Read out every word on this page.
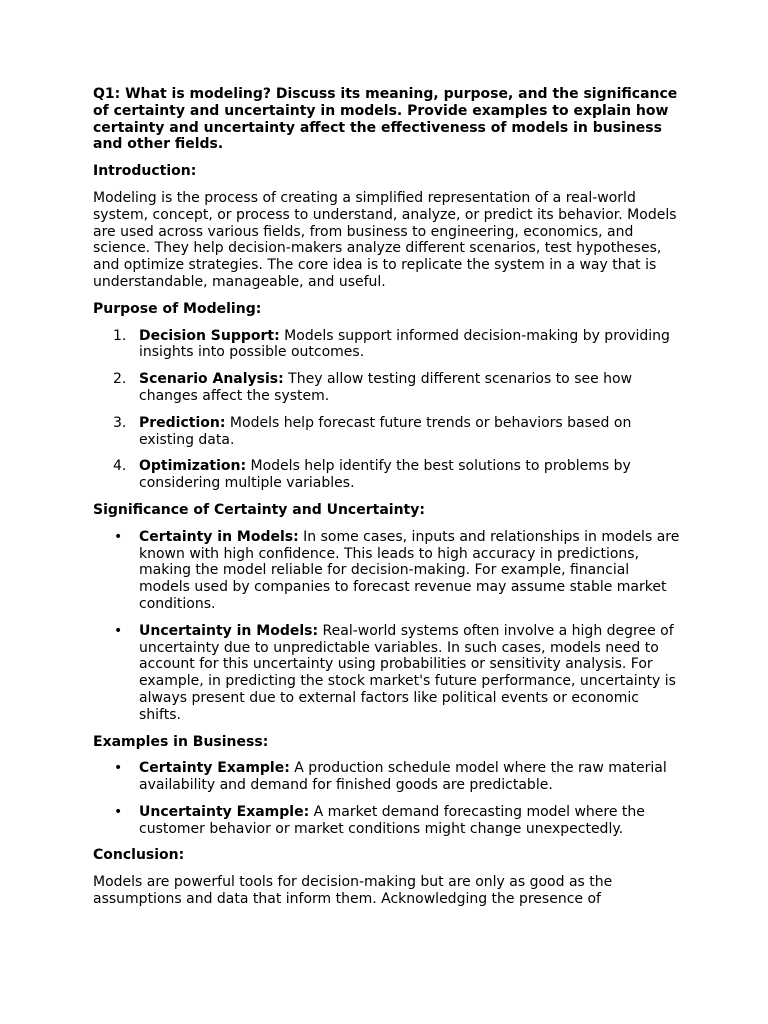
Q1: What is modeling? Discuss its meaning, purpose, and the significance of certainty and uncertainty in models. Provide examples to explain how certainty and uncertainty affect the effectiveness of models in business and other fields.

Introduction:

Modeling is the process of creating a simplified representation of a real-world system, concept, or process to understand, analyze, or predict its behavior. Models are used across various fields, from business to engineering, economics, and science. They help decision-makers analyze different scenarios, test hypotheses, and optimize strategies. The core idea is to replicate the system in a way that is understandable, manageable, and useful.

Purpose of Modeling:
1. Decision Support: Models support informed decision-making by providing insights into possible outcomes.
2. Scenario Analysis: They allow testing different scenarios to see how changes affect the system.
3. Prediction: Models help forecast future trends or behaviors based on existing data.
4. Optimization: Models help identify the best solutions to problems by considering multiple variables.
Significance of Certainty and Uncertainty:
•	Certainty in Models: In some cases, inputs and relationships in models are known with high confidence. This leads to high accuracy in predictions, making the model reliable for decision-making. For example, financial models used by companies to forecast revenue may assume stable market conditions.
•	Uncertainty in Models: Real-world systems often involve a high degree of uncertainty due to unpredictable variables. In such cases, models need to account for this uncertainty using probabilities or sensitivity analysis. For example, in predicting the stock market's future performance, uncertainty is always present due to external factors like political events or economic shifts.
Examples in Business:
•	Certainty Example: A production schedule model where the raw material availability and demand for finished goods are predictable.
•	Uncertainty Example: A market demand forecasting model where the customer behavior or market conditions might change unexpectedly.
Conclusion:

Models are powerful tools for decision-making but are only as good as the assumptions and data that inform them. Acknowledging the presence of
